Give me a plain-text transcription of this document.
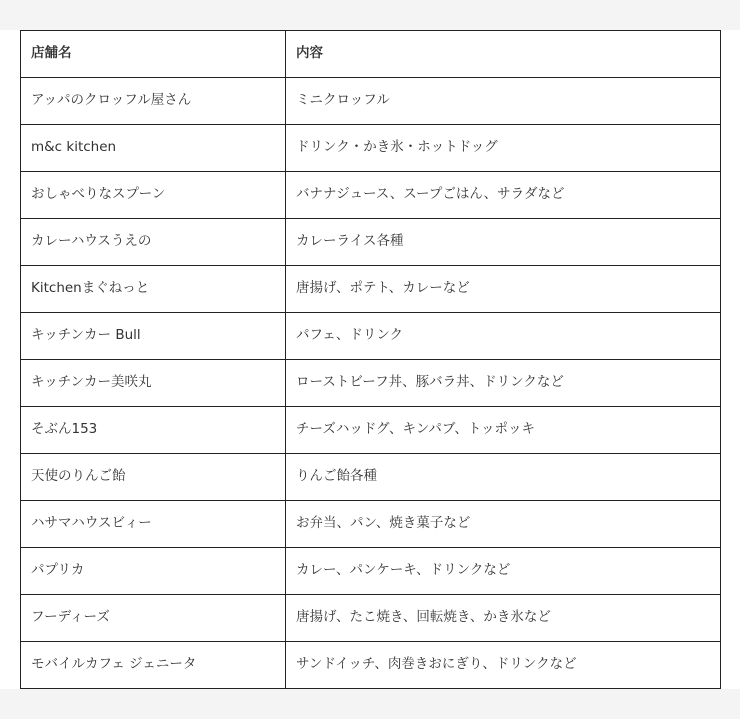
店舗名	内容
アッパのクロッフル屋さん	ミニクロッフル
m&c kitchen	ドリンク・かき氷・ホットドッグ
おしゃべりなスプーン	バナナジュース、スープごはん、サラダなど
カレーハウスうえの	カレーライス各種
Kitchenまぐねっと	唐揚げ、ポテト、カレーなど
キッチンカー Bull	パフェ、ドリンク
キッチンカー美咲丸	ローストビーフ丼、豚バラ丼、ドリンクなど
そぶん153	チーズハッドグ、キンパブ、トッポッキ
天使のりんご飴	りんご飴各種
ハサマハウスビィー	お弁当、パン、焼き菓子など
パプリカ	カレー、パンケーキ、ドリンクなど
フーディーズ	唐揚げ、たこ焼き、回転焼き、かき氷など
モバイルカフェ ジェニータ	サンドイッチ、肉巻きおにぎり、ドリンクなど
